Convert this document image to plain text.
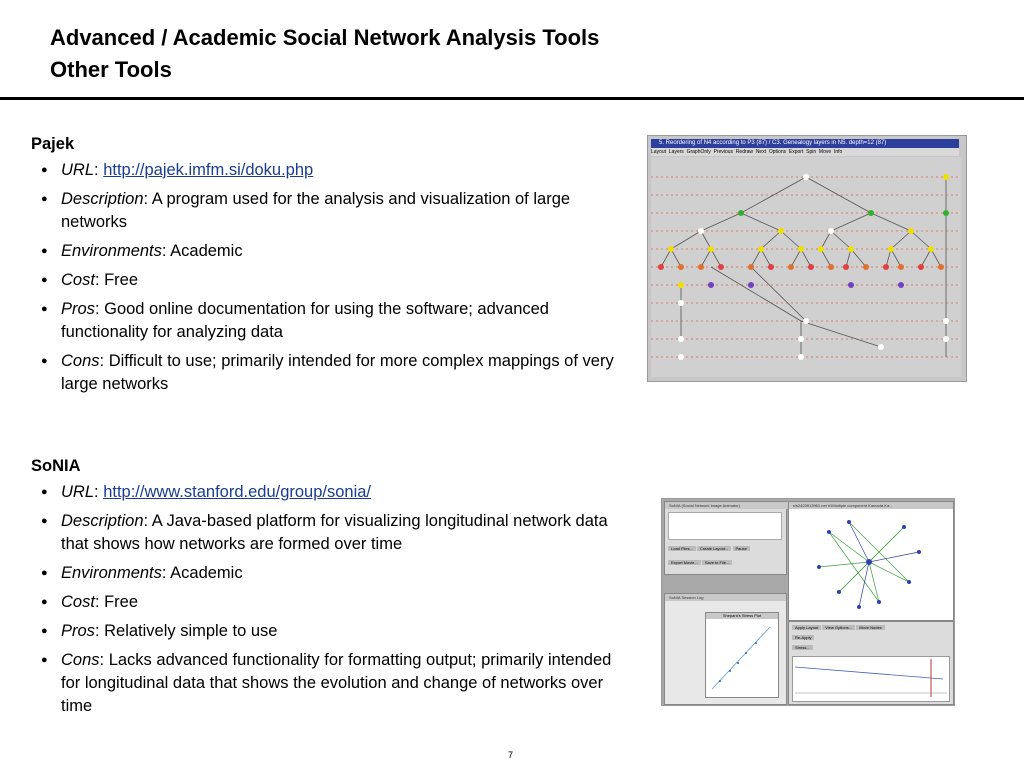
Advanced / Academic Social Network Analysis Tools
Other Tools
Pajek
● URL: http://pajek.imfm.si/doku.php
● Description: A program used for the analysis and visualization of large networks
● Environments: Academic
● Cost: Free
● Pros: Good online documentation for using the software; advanced functionality for analyzing data
● Cons: Difficult to use; primarily intended for more complex mappings of very large networks
SoNIA
● URL: http://www.stanford.edu/group/sonia/
● Description: A Java-based platform for visualizing longitudinal network data that shows how networks are formed over time
● Environments: Academic
● Cost: Free
● Pros: Relatively simple to use
● Cons: Lacks advanced functionality for formatting output; primarily intended for longitudinal data that shows the evolution and change of networks over time
5. Reordering of N4 according to P3 (87) / C3. Genealogy layers in N5. depth=12 (87)
Layout Layers GraphOnly Previous Redraw Next Options Export Spin Move Info
SoNIA (Social Network Image Animator)
Load Files... Create Layout... Pause
Export Movie... Save to File...
cls2420913961.net #1Multiple component Kamada-Ka...
SoNIA Session Log
Shepard's Stress Plot
Apply Layout View Options... Move Nodes
Re-Apply
Stress...
7
